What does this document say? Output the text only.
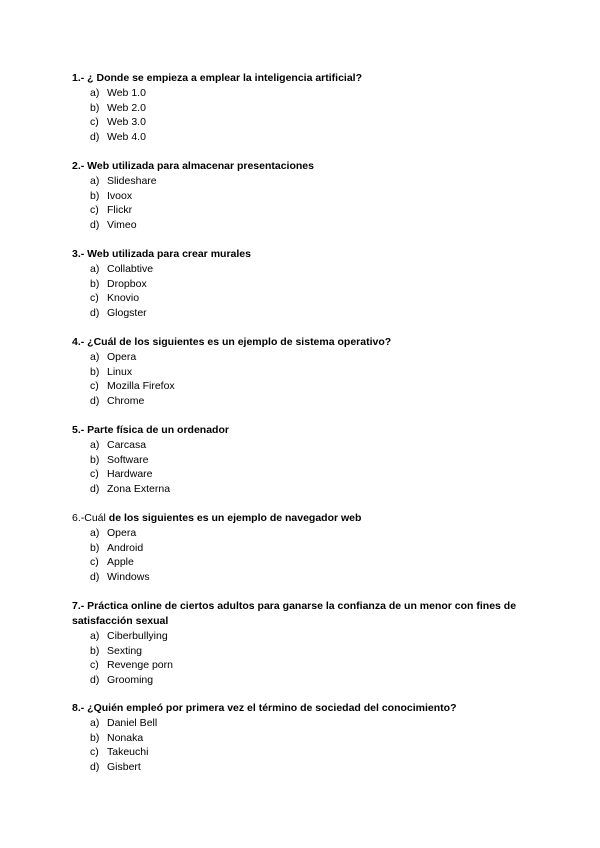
1.- ¿ Donde se empieza a emplear la inteligencia artificial?
a) Web 1.0
b) Web 2.0
c) Web 3.0
d) Web 4.0
2.- Web utilizada para almacenar presentaciones
a) Slideshare
b) Ivoox
c) Flickr
d) Vimeo
3.- Web utilizada para crear murales
a) Collabtive
b) Dropbox
c) Knovio
d) Glogster
4.- ¿Cuál de los siguientes es un ejemplo de sistema operativo?
a) Opera
b) Linux
c) Mozilla Firefox
d) Chrome
5.- Parte física de un ordenador
a) Carcasa
b) Software
c) Hardware
d) Zona Externa
6.-Cuál de los siguientes es un ejemplo de navegador web
a) Opera
b) Android
c) Apple
d) Windows
7.- Práctica online de ciertos adultos para ganarse la confianza de un menor con fines de satisfacción sexual
a) Ciberbullying
b) Sexting
c) Revenge porn
d) Grooming
8.- ¿Quién empleó por primera vez el término de sociedad del conocimiento?
a) Daniel Bell
b) Nonaka
c) Takeuchi
d) Gisbert
